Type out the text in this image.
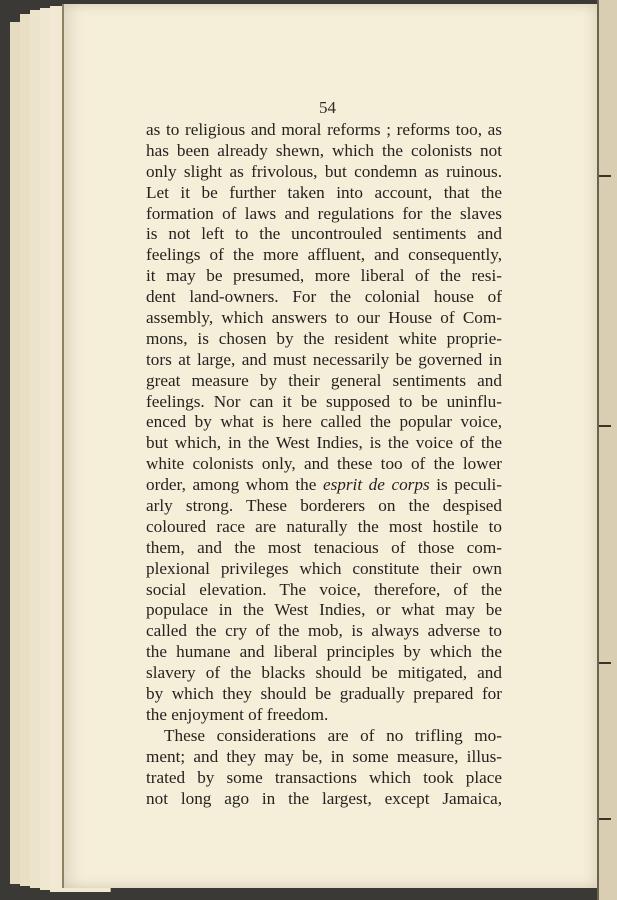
54
as to religious and moral reforms ; reforms too, as
has been already shewn, which the colonists not
only slight as frivolous, but condemn as ruinous.
Let it be further taken into account, that the
formation of laws and regulations for the slaves
is not left to the uncontrouled sentiments and
feelings of the more affluent, and consequently,
it may be presumed, more liberal of the resi-
dent land-owners. For the colonial house of
assembly, which answers to our House of Com-
mons, is chosen by the resident white proprie-
tors at large, and must necessarily be governed in
great measure by their general sentiments and
feelings. Nor can it be supposed to be uninflu-
enced by what is here called the popular voice,
but which, in the West Indies, is the voice of the
white colonists only, and these too of the lower
order, among whom the esprit de corps is peculi-
arly strong. These borderers on the despised
coloured race are naturally the most hostile to
them, and the most tenacious of those com-
plexional privileges which constitute their own
social elevation. The voice, therefore, of the
populace in the West Indies, or what may be
called the cry of the mob, is always adverse to
the humane and liberal principles by which the
slavery of the blacks should be mitigated, and
by which they should be gradually prepared for
the enjoyment of freedom.
These considerations are of no trifling mo-
ment; and they may be, in some measure, illus-
trated by some transactions which took place
not long ago in the largest, except Jamaica,
